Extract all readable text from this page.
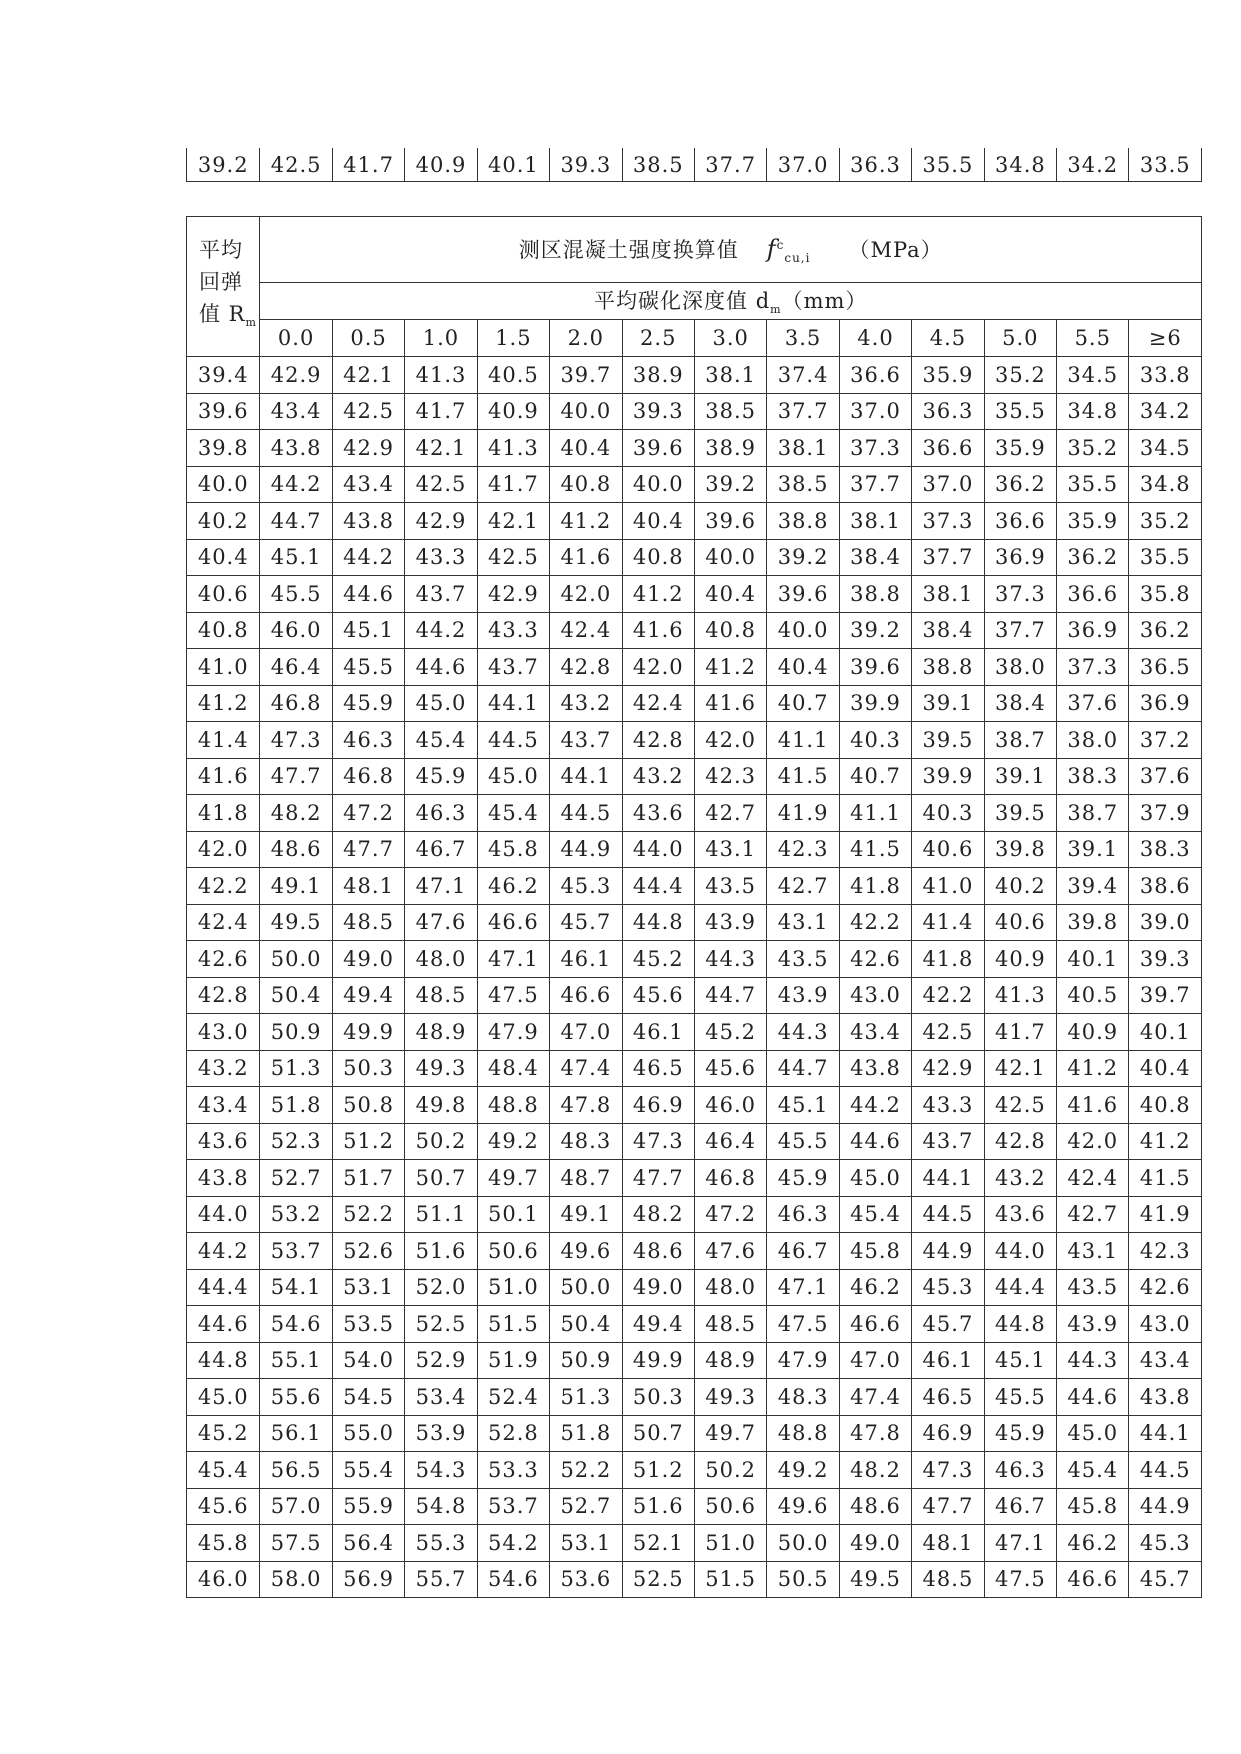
39.2	42.5	41.7	40.9	40.1	39.3	38.5	37.7	37.0	36.3	35.5	34.8	34.2	33.5
平均
回弹
值 $R_m$	测区混凝土强度换算值 $f^c_{cu,i}$ （MPa）												
	平均碳化深度值 $d_m(mm)$												
	0.0	0.5	1.0	1.5	2.0	2.5	3.0	3.5	4.0	4.5	5.0	5.5	≥6
39.4	42.9	42.1	41.3	40.5	39.7	38.9	38.1	37.4	36.6	35.9	35.2	34.5	33.8
39.6	43.4	42.5	41.7	40.9	40.0	39.3	38.5	37.7	37.0	36.3	35.5	34.8	34.2
39.8	43.8	42.9	42.1	41.3	40.4	39.6	38.9	38.1	37.3	36.6	35.9	35.2	34.5
40.0	44.2	43.4	42.5	41.7	40.8	40.0	39.2	38.5	37.7	37.0	36.2	35.5	34.8
40.2	44.7	43.8	42.9	42.1	41.2	40.4	39.6	38.8	38.1	37.3	36.6	35.9	35.2
40.4	45.1	44.2	43.3	42.5	41.6	40.8	40.0	39.2	38.4	37.7	36.9	36.2	35.5
40.6	45.5	44.6	43.7	42.9	42.0	41.2	40.4	39.6	38.8	38.1	37.3	36.6	35.8
40.8	46.0	45.1	44.2	43.3	42.4	41.6	40.8	40.0	39.2	38.4	37.7	36.9	36.2
41.0	46.4	45.5	44.6	43.7	42.8	42.0	41.2	40.4	39.6	38.8	38.0	37.3	36.5
41.2	46.8	45.9	45.0	44.1	43.2	42.4	41.6	40.7	39.9	39.1	38.4	37.6	36.9
41.4	47.3	46.3	45.4	44.5	43.7	42.8	42.0	41.1	40.3	39.5	38.7	38.0	37.2
41.6	47.7	46.8	45.9	45.0	44.1	43.2	42.3	41.5	40.7	39.9	39.1	38.3	37.6
41.8	48.2	47.2	46.3	45.4	44.5	43.6	42.7	41.9	41.1	40.3	39.5	38.7	37.9
42.0	48.6	47.7	46.7	45.8	44.9	44.0	43.1	42.3	41.5	40.6	39.8	39.1	38.3
42.2	49.1	48.1	47.1	46.2	45.3	44.4	43.5	42.7	41.8	41.0	40.2	39.4	38.6
42.4	49.5	48.5	47.6	46.6	45.7	44.8	43.9	43.1	42.2	41.4	40.6	39.8	39.0
42.6	50.0	49.0	48.0	47.1	46.1	45.2	44.3	43.5	42.6	41.8	40.9	40.1	39.3
42.8	50.4	49.4	48.5	47.5	46.6	45.6	44.7	43.9	43.0	42.2	41.3	40.5	39.7
43.0	50.9	49.9	48.9	47.9	47.0	46.1	45.2	44.3	43.4	42.5	41.7	40.9	40.1
43.2	51.3	50.3	49.3	48.4	47.4	46.5	45.6	44.7	43.8	42.9	42.1	41.2	40.4
43.4	51.8	50.8	49.8	48.8	47.8	46.9	46.0	45.1	44.2	43.3	42.5	41.6	40.8
43.6	52.3	51.2	50.2	49.2	48.3	47.3	46.4	45.5	44.6	43.7	42.8	42.0	41.2
43.8	52.7	51.7	50.7	49.7	48.7	47.7	46.8	45.9	45.0	44.1	43.2	42.4	41.5
44.0	53.2	52.2	51.1	50.1	49.1	48.2	47.2	46.3	45.4	44.5	43.6	42.7	41.9
44.2	53.7	52.6	51.6	50.6	49.6	48.6	47.6	46.7	45.8	44.9	44.0	43.1	42.3
44.4	54.1	53.1	52.0	51.0	50.0	49.0	48.0	47.1	46.2	45.3	44.4	43.5	42.6
44.6	54.6	53.5	52.5	51.5	50.4	49.4	48.5	47.5	46.6	45.7	44.8	43.9	43.0
44.8	55.1	54.0	52.9	51.9	50.9	49.9	48.9	47.9	47.0	46.1	45.1	44.3	43.4
45.0	55.6	54.5	53.4	52.4	51.3	50.3	49.3	48.3	47.4	46.5	45.5	44.6	43.8
45.2	56.1	55.0	53.9	52.8	51.8	50.7	49.7	48.8	47.8	46.9	45.9	45.0	44.1
45.4	56.5	55.4	54.3	53.3	52.2	51.2	50.2	49.2	48.2	47.3	46.3	45.4	44.5
45.6	57.0	55.9	54.8	53.7	52.7	51.6	50.6	49.6	48.6	47.7	46.7	45.8	44.9
45.8	57.5	56.4	55.3	54.2	53.1	52.1	51.0	50.0	49.0	48.1	47.1	46.2	45.3
46.0	58.0	56.9	55.7	54.6	53.6	52.5	51.5	50.5	49.5	48.5	47.5	46.6	45.7
